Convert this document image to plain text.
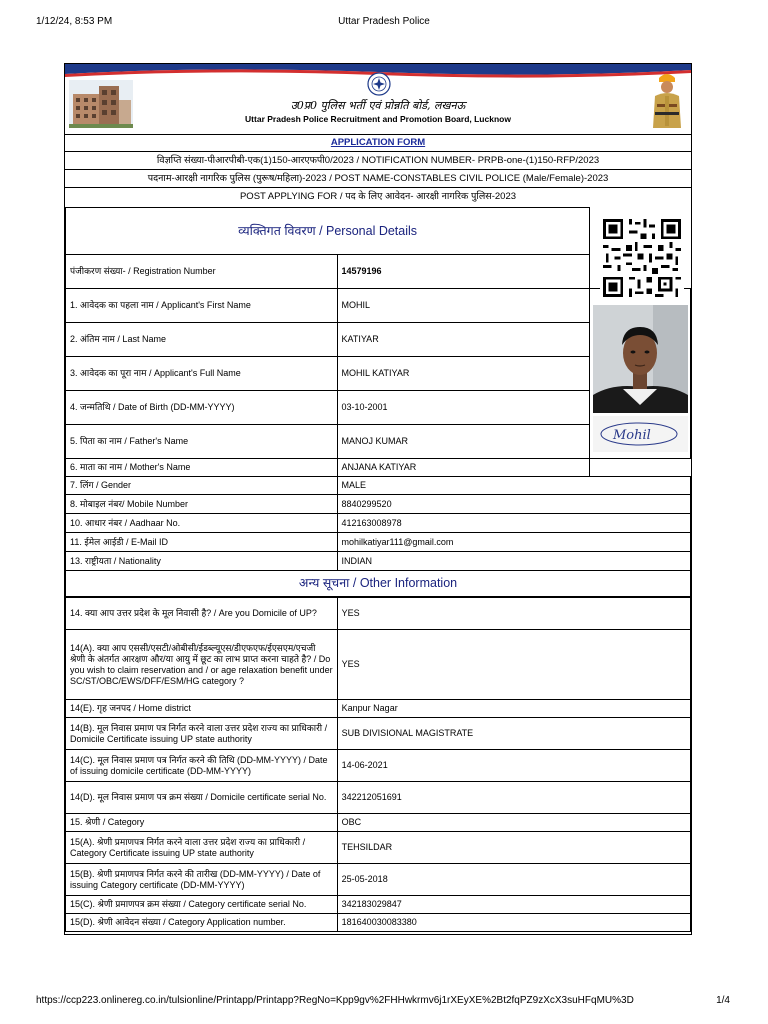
1/12/24, 8:53 PM	Uttar Pradesh Police
उ0प्र0 पुलिस भर्ती एवं प्रोन्नति बोर्ड, लखनऊ
Uttar Pradesh Police Recruitment and Promotion Board, Lucknow
APPLICATION FORM
विज्ञप्ति संख्या-पीआरपीबी-एक(1)150-आरएफपी0/2023 / NOTIFICATION NUMBER- PRPB-one-(1)150-RFP/2023
पदनाम-आरक्षी नागरिक पुलिस (पुरूष/महिला)-2023 / POST NAME-CONSTABLES CIVIL POLICE (Male/Female)-2023
POST APPLYING FOR / पद के लिए आवेदन- आरक्षी नागरिक पुलिस-2023
व्यक्तिगत विवरण / Personal Details		
पंजीकरण संख्या- / Registration Number	14579196	
1. आवेदक का पहला नाम / Applicant's First Name	MOHIL	
2. अंतिम नाम / Last Name	KATIYAR	
3. आवेदक का पूरा नाम / Applicant's Full Name	MOHIL KATIYAR	
4. जन्मतिथि / Date of Birth (DD-MM-YYYY)	03-10-2001	
5. पिता का नाम / Father's Name	MANOJ KUMAR	
6. माता का नाम / Mother's Name	ANJANA KATIYAR	
7. लिंग / Gender	MALE	
8. मोबाइल नंबर/ Mobile Number	8840299520	
10. आधार नंबर / Aadhaar No.	412163008978	
11. ईमेल आईडी / E-Mail ID	mohilkatiyar111@gmail.com	
13. राष्ट्रीयता / Nationality	INDIAN	
अन्य सूचना / Other Information		
Mohil
14. क्या आप उत्तर प्रदेश के मूल निवासी है? / Are you Domicile of UP?	YES
14(A). क्या आप एससी/एसटी/ओबीसी/ईडब्ल्यूएस/डीएफएफ/ईएसएम/एचजी श्रेणी के अंतर्गत आरक्षण और/या आयु में छूट का लाभ प्राप्त करना चाहते है? / Do you wish to claim reservation and / or age relaxation benefit under SC/ST/OBC/EWS/DFF/ESM/HG category ?	YES
14(E). गृह जनपद / Home district	Kanpur Nagar
14(B). मूल निवास प्रमाण पत्र निर्गत करने वाला उत्तर प्रदेश राज्य का प्राधिकारी / Domicile Certificate issuing UP state authority	SUB DIVISIONAL MAGISTRATE
14(C). मूल निवास प्रमाण पत्र निर्गत करने की तिथि (DD-MM-YYYY) / Date of issuing domicile certificate (DD-MM-YYYY)	14-06-2021
14(D). मूल निवास प्रमाण पत्र क्रम संख्या / Domicile certificate serial No.	342212051691
15. श्रेणी / Category	OBC
15(A). श्रेणी प्रमाणपत्र निर्गत करने वाला उत्तर प्रदेश राज्य का प्राधिकारी / Category Certificate issuing UP state authority	TEHSILDAR
15(B). श्रेणी प्रमाणपत्र निर्गत करने की तारीख (DD-MM-YYYY) / Date of issuing Category certificate (DD-MM-YYYY)	25-05-2018
15(C). श्रेणी प्रमाणपत्र क्रम संख्या / Category certificate serial No.	342183029847
15(D). श्रेणी आवेदन संख्या / Category Application number.	181640030083380
https://ccp223.onlinereg.co.in/tulsionline/Printapp/Printapp?RegNo=Kpp9gv%2FHHwkrmv6j1rXEyXE%2Bt2fqPZ9zXcX3suHFqMU%3D	1/4
